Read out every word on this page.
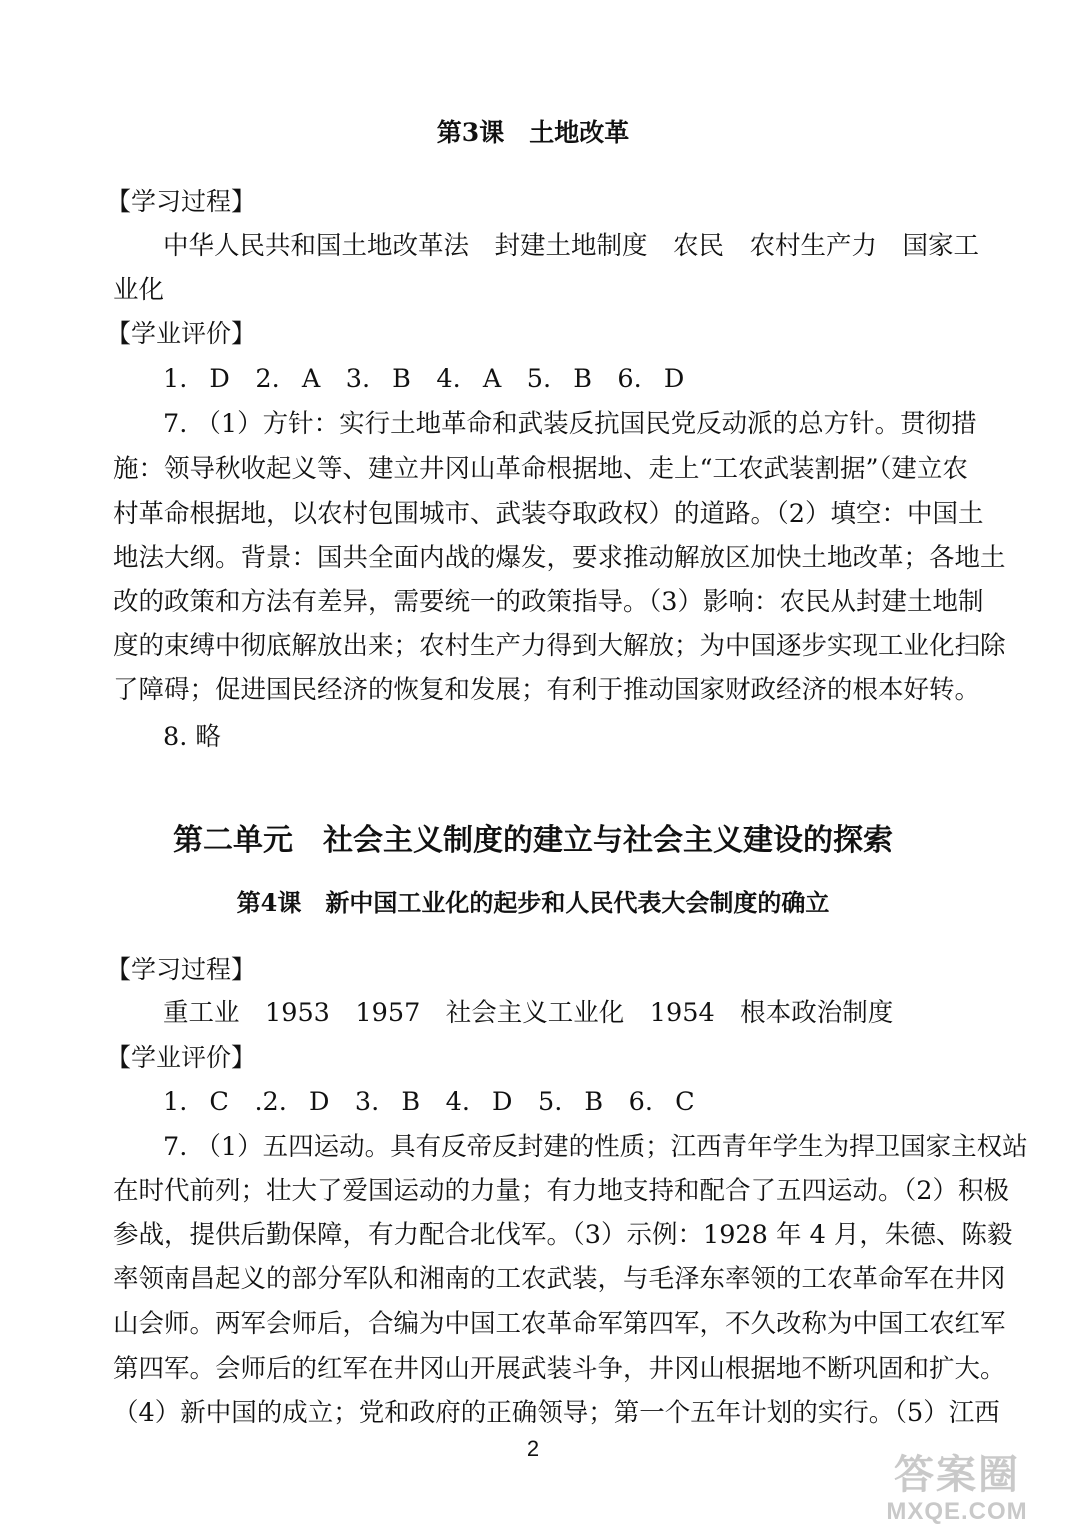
第3课　土地改革
【学习过程】
中华人民共和国土地改革法　封建土地制度　农民　农村生产力　国家工
业化
【学业评价】
1. D　2. A　3. B　4. A　5. B　6. D
7. （1）方针：实行土地革命和武装反抗国民党反动派的总方针。贯彻措
施：领导秋收起义等、建立井冈山革命根据地、走上“工农武装割据”（建立农
村革命根据地，以农村包围城市、武装夺取政权）的道路。（2）填空：中国土
地法大纲。背景：国共全面内战的爆发，要求推动解放区加快土地改革；各地土
改的政策和方法有差异，需要统一的政策指导。（3）影响：农民从封建土地制
度的束缚中彻底解放出来；农村生产力得到大解放；为中国逐步实现工业化扫除
了障碍；促进国民经济的恢复和发展；有利于推动国家财政经济的根本好转。
8. 略
第二单元　社会主义制度的建立与社会主义建设的探索
第4课　新中国工业化的起步和人民代表大会制度的确立
【学习过程】
重工业　1953　1957　社会主义工业化　1954　根本政治制度
【学业评价】
1. C　.2. D　3. B　4. D　5. B　6. C
7. （1）五四运动。具有反帝反封建的性质；江西青年学生为捍卫国家主权站
在时代前列；壮大了爱国运动的力量；有力地支持和配合了五四运动。（2）积极
参战，提供后勤保障，有力配合北伐军。（3）示例：1928 年 4 月，朱德、陈毅
率领南昌起义的部分军队和湘南的工农武装，与毛泽东率领的工农革命军在井冈
山会师。两军会师后，合编为中国工农革命军第四军，不久改称为中国工农红军
第四军。会师后的红军在井冈山开展武装斗争，井冈山根据地不断巩固和扩大。
（4）新中国的成立；党和政府的正确领导；第一个五年计划的实行。（5）江西
2
答案圈
MXQE.COM
